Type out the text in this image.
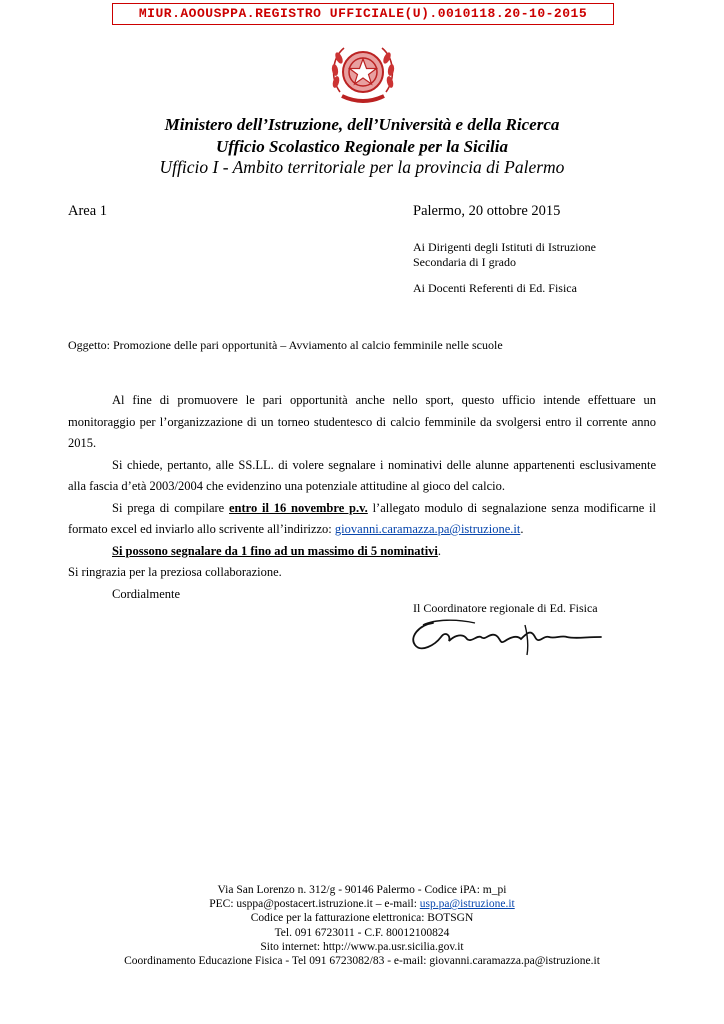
MIUR.AOOUSPPA.REGISTRO UFFICIALE(U).0010118.20-10-2015
Ministero dell’Istruzione, dell’Università e della Ricerca
Ufficio Scolastico Regionale per la Sicilia
Ufficio I - Ambito territoriale per la provincia di Palermo
Area 1	Palermo, 20 ottobre 2015
Ai Dirigenti degli Istituti di Istruzione
Secondaria di I grado
Ai Docenti Referenti di Ed. Fisica
Oggetto: Promozione delle pari opportunità – Avviamento al calcio femminile nelle scuole

Al fine di promuovere le pari opportunità anche nello sport, questo ufficio intende effettuare un monitoraggio per l’organizzazione di un torneo studentesco di calcio femminile da svolgersi entro il corrente anno 2015.

Si chiede, pertanto, alle SS.LL. di volere segnalare i nominativi delle alunne appartenenti esclusivamente alla fascia d’età 2003/2004 che evidenzino una potenziale attitudine al gioco del calcio.

Si prega di compilare entro il 16 novembre p.v. l’allegato modulo di segnalazione senza modificarne il formato excel ed inviarlo allo scrivente all’indirizzo: giovanni.caramazza.pa@istruzione.it.

Si possono segnalare da 1 fino ad un massimo di 5 nominativi.

Si ringrazia per la preziosa collaborazione.

Cordialmente

Il Coordinatore regionale di Ed. Fisica
Via San Lorenzo n. 312/g - 90146 Palermo - Codice iPA: m_pi
PEC: usppa@postacert.istruzione.it – e-mail: usp.pa@istruzione.it
Codice per la fatturazione elettronica: BOTSGN
Tel. 091 6723011 - C.F. 80012100824
Sito internet: http://www.pa.usr.sicilia.gov.it
Coordinamento Educazione Fisica - Tel 091 6723082/83 - e-mail: giovanni.caramazza.pa@istruzione.it
